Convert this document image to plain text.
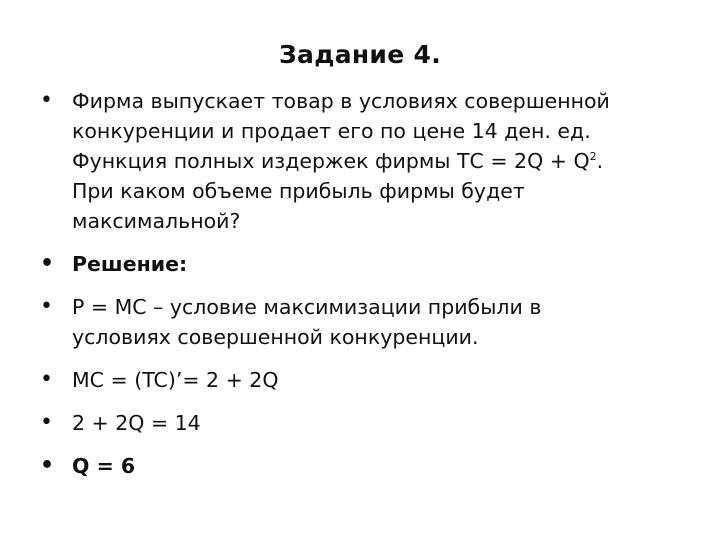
Задание 4.
• Фирма выпускает товар в условиях совершенной
конкуренции и продает его по цене 14 ден. ед.
Функция полных издержек фирмы ТС = $2Q + Q^2$.
При каком объеме прибыль фирмы будет
максимальной?
• Решение:
• P = MC – условие максимизации прибыли в
условиях совершенной конкуренции.
• MC = (TC)’= 2 + 2Q
• 2 + 2Q = 14
• Q = 6
